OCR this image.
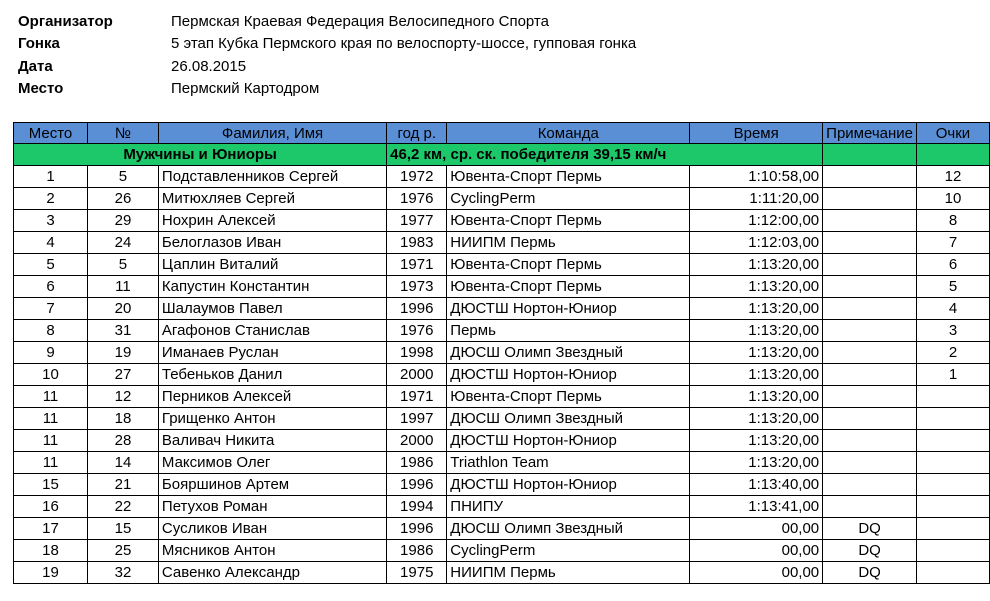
Организатор	Пермская Краевая Федерация Велосипедного Спорта
Гонка	5 этап Кубка Пермского края по велоспорту-шоссе, гупповая гонка
Дата	26.08.2015
Место	Пермский Картодром
Место	№	Фамилия, Имя	год р.	Команда	Время	Примечание	Очки
Мужчины и Юниоры			46,2 км, ср. ск. победителя 39,15 км/ч				
1	5	Подставленников Сергей	1972	Ювента-Спорт Пермь	1:10:58,00		12
2	26	Митюхляев Сергей	1976	CyclingPerm	1:11:20,00		10
3	29	Нохрин Алексей	1977	Ювента-Спорт Пермь	1:12:00,00		8
4	24	Белоглазов Иван	1983	НИИПМ Пермь	1:12:03,00		7
5	5	Цаплин Виталий	1971	Ювента-Спорт Пермь	1:13:20,00		6
6	11	Капустин Константин	1973	Ювента-Спорт Пермь	1:13:20,00		5
7	20	Шалаумов Павел	1996	ДЮСТШ Нортон-Юниор	1:13:20,00		4
8	31	Агафонов Станислав	1976	Пермь	1:13:20,00		3
9	19	Иманаев Руслан	1998	ДЮСШ Олимп Звездный	1:13:20,00		2
10	27	Тебеньков Данил	2000	ДЮСТШ Нортон-Юниор	1:13:20,00		1
11	12	Перников Алексей	1971	Ювента-Спорт Пермь	1:13:20,00		
11	18	Грищенко Антон	1997	ДЮСШ Олимп Звездный	1:13:20,00		
11	28	Валивач Никита	2000	ДЮСТШ Нортон-Юниор	1:13:20,00		
11	14	Максимов Олег	1986	Triathlon Team	1:13:20,00		
15	21	Бояршинов Артем	1996	ДЮСТШ Нортон-Юниор	1:13:40,00		
16	22	Петухов Роман	1994	ПНИПУ	1:13:41,00		
17	15	Сусликов Иван	1996	ДЮСШ Олимп Звездный	00,00	DQ	
18	25	Мясников Антон	1986	CyclingPerm	00,00	DQ	
19	32	Савенко Александр	1975	НИИПМ Пермь	00,00	DQ	
